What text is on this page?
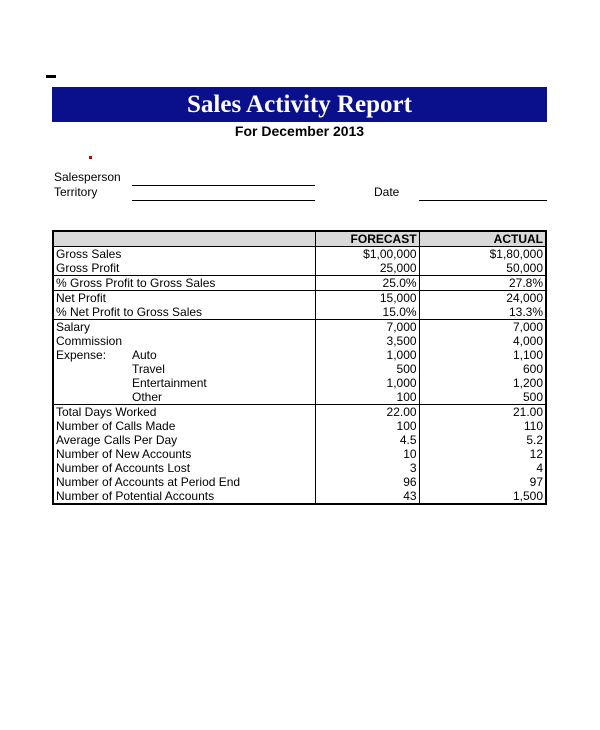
Sales Activity Report
For December 2013
Salesperson
Territory	Date
	FORECAST	ACTUAL
Gross Sales	$1,00,000	$1,80,000
Gross Profit	25,000	50,000
% Gross Profit to Gross Sales	25.0%	27.8%
Net Profit	15,000	24,000
% Net Profit to Gross Sales	15.0%	13.3%
Salary	7,000	7,000
Commission	3,500	4,000
Expense: Auto	1,000	1,100
Travel	500	600
Entertainment	1,000	1,200
Other	100	500
Total Days Worked	22.00	21.00
Number of Calls Made	100	110
Average Calls Per Day	4.5	5.2
Number of New Accounts	10	12
Number of Accounts Lost	3	4
Number of Accounts at Period End	96	97
Number of Potential Accounts	43	1,500
